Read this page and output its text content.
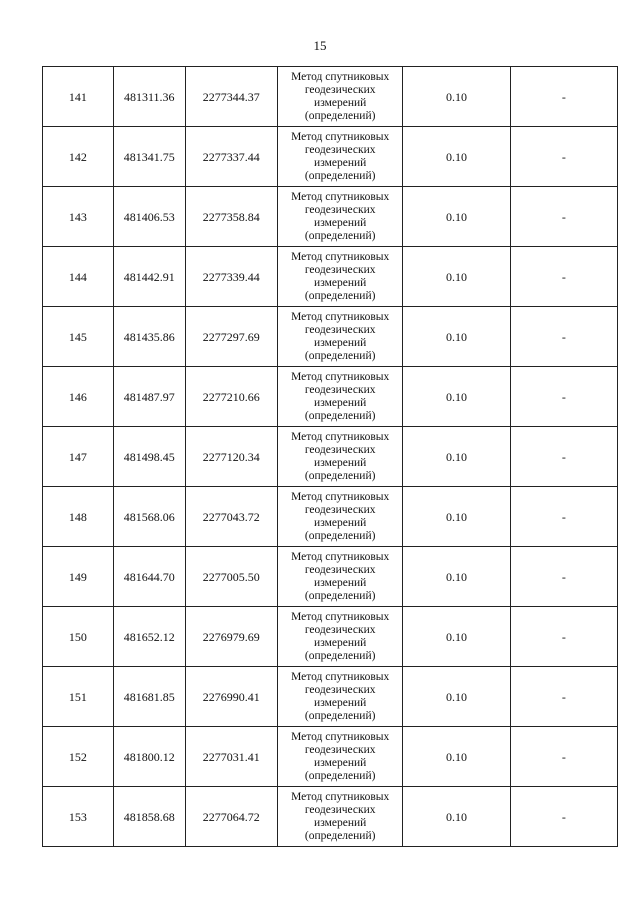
15
141	481311.36	2277344.37	Метод спутниковых геодезических измерений (определений)	0.10	-
142	481341.75	2277337.44	Метод спутниковых геодезических измерений (определений)	0.10	-
143	481406.53	2277358.84	Метод спутниковых геодезических измерений (определений)	0.10	-
144	481442.91	2277339.44	Метод спутниковых геодезических измерений (определений)	0.10	-
145	481435.86	2277297.69	Метод спутниковых геодезических измерений (определений)	0.10	-
146	481487.97	2277210.66	Метод спутниковых геодезических измерений (определений)	0.10	-
147	481498.45	2277120.34	Метод спутниковых геодезических измерений (определений)	0.10	-
148	481568.06	2277043.72	Метод спутниковых геодезических измерений (определений)	0.10	-
149	481644.70	2277005.50	Метод спутниковых геодезических измерений (определений)	0.10	-
150	481652.12	2276979.69	Метод спутниковых геодезических измерений (определений)	0.10	-
151	481681.85	2276990.41	Метод спутниковых геодезических измерений (определений)	0.10	-
152	481800.12	2277031.41	Метод спутниковых геодезических измерений (определений)	0.10	-
153	481858.68	2277064.72	Метод спутниковых геодезических измерений (определений)	0.10	-
